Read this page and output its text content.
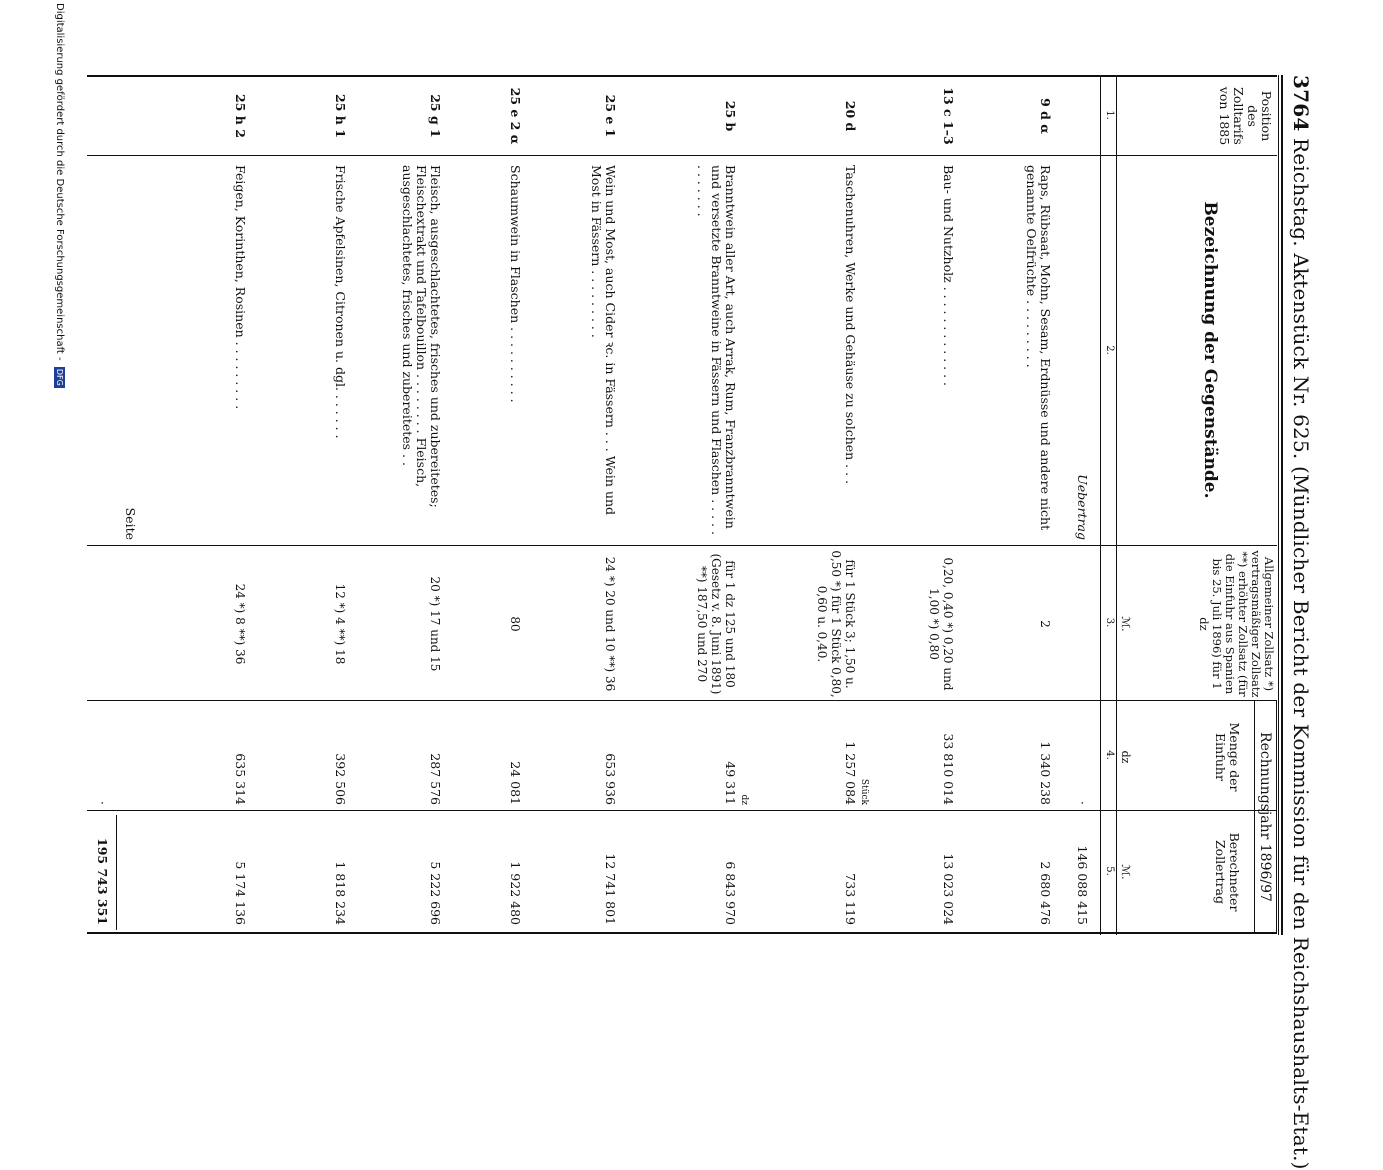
3764 Reichstag. Aktenstück Nr. 625. (Mündlicher Bericht der Kommission für den Reichshaushalts-Etat.)
Position des Zolltarifs von 1885
Bezeichnung der Gegenstände.
Allgemeiner Zollsatz *) vertragsmäßiger Zollsatz **) erhöhter Zollsatz (für die Einfuhr aus Spanien bis 25. Juli 1896) für 1 dz
Rechnungsjahr 1896/97
Menge der Einfuhr
Berechneter Zollertrag
ℳ.
dz
ℳ.
1.
2.
3.
4.
5.
Uebertrag
·
146 088 415
9 d α
Raps, Rübsaat, Mohn, Sesam, Erdnüsse und andere nicht genannte Oelfrüchte . . . . . . . . .
2
1 340 238
2 680 476
13 c 1–3
Bau- und Nutzholz . . . . . . . . . . . . .
0,20, 0,40 *) 0,20 und 1,00 *) 0,80
33 810 014
13 023 024
20 d
Taschenuhren, Werke und Gehäuse zu solchen . . .
für 1 Stück 3; 1,50 u. 0,50 *) für 1 Stück 0,80, 0,60 u. 0,40.
Stück
1 257 084
733 119
25 b
Branntwein aller Art, auch Arrak, Rum, Franzbranntwein und versetzte Branntweine in Fässern und Flaschen . . . . . . . . . . . .
für 1 dz 125 und 180 (Gesetz v. 8. Juni 1891) **) 187,50 und 270
dz
49 311
6 843 970
25 e 1
Wein und Most, auch Cider ꝛc. in Fässern . . . Wein und Most in Fässern . . . . . . . . .
24 *) 20 und 10 **) 36
653 936
12 741 801
25 e 2 α
Schaumwein in Flaschen . . . . . . . . . .
80
24 081
1 922 480
25 g 1
Fleisch, ausgeschlachtetes, frisches und zubereitetes; Fleischextrakt und Tafelbouillon . . . . . . . . Fleisch, ausgeschlachtetes, frisches und zubereitetes . .
20 *) 17 und 15
287 576
5 222 696
25 h 1
Frische Apfelsinen, Citronen u. dgl. . . . . . .
12 *) 4 **) 18
392 506
1 818 234
25 h 2
Feigen, Korinthen, Rosinen . . . . . . . . .
24 *) 8 **) 36
635 314
5 174 136
Seite
·
195 743 351
Digitalisierung gefördert durch die Deutsche Forschungsgemeinschaft - DFG
